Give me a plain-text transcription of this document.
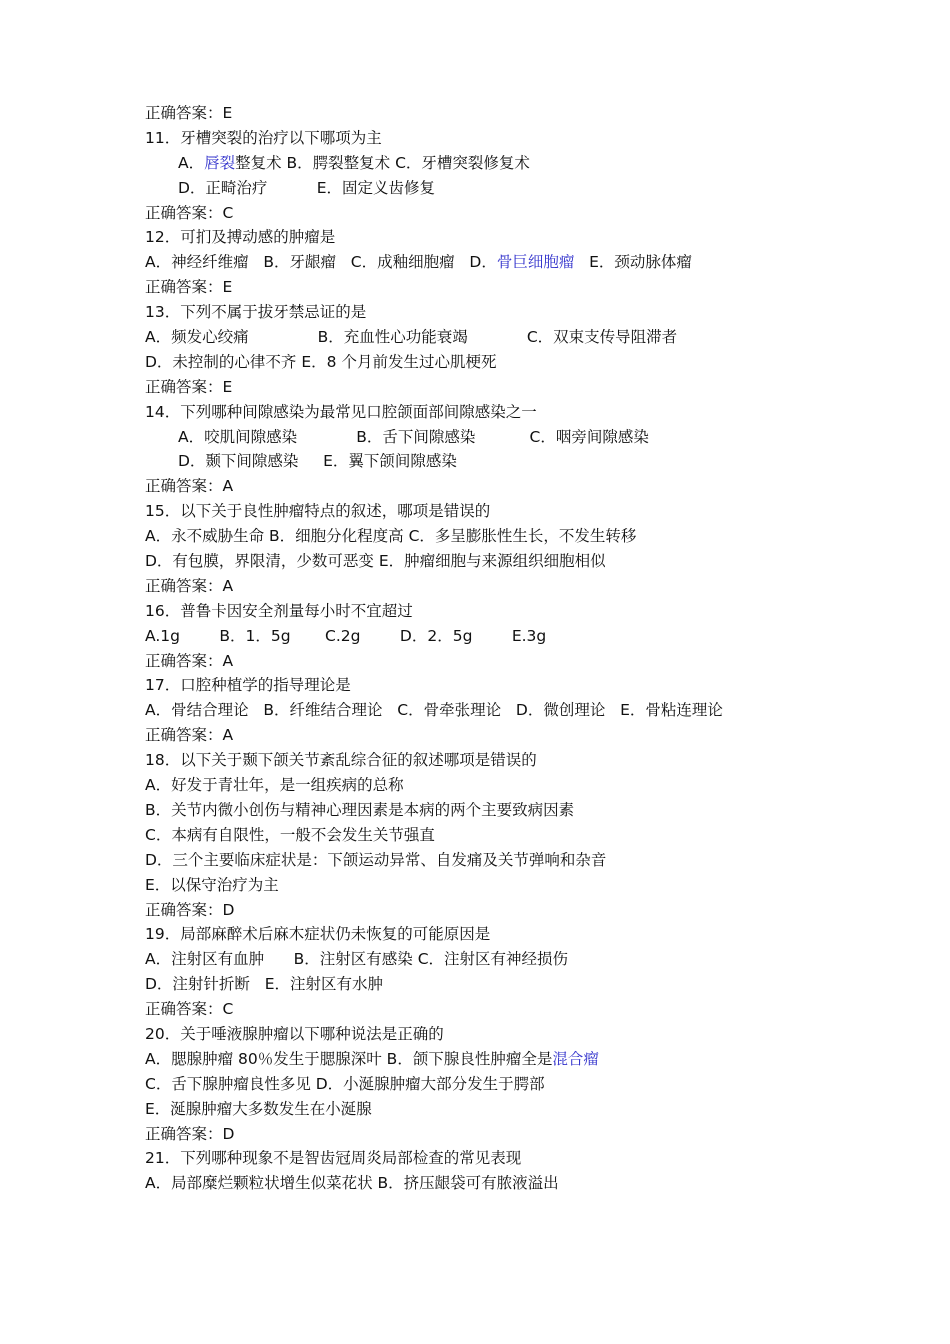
正确答案：E
11．牙槽突裂的治疗以下哪项为主
A．唇裂整复术 B．腭裂整复术 C．牙槽突裂修复术
D．正畸治疗          E．固定义齿修复
正确答案：C
12．可扪及搏动感的肿瘤是
A．神经纤维瘤   B．牙龈瘤   C．成釉细胞瘤   D．骨巨细胞瘤   E．颈动脉体瘤
正确答案：E
13．下列不属于拔牙禁忌证的是
A．频发心绞痛              B．充血性心功能衰竭            C．双束支传导阻滞者
D．未控制的心律不齐 E．8 个月前发生过心肌梗死
正确答案：E
14．下列哪种间隙感染为最常见口腔颌面部间隙感染之一
A．咬肌间隙感染            B．舌下间隙感染           C．咽旁间隙感染
D．颞下间隙感染     E．翼下颌间隙感染
正确答案：A
15．以下关于良性肿瘤特点的叙述，哪项是错误的
A．永不威胁生命 B．细胞分化程度高 C．多呈膨胀性生长，不发生转移
D．有包膜，界限清，少数可恶变 E．肿瘤细胞与来源组织细胞相似
正确答案：A
16．普鲁卡因安全剂量每小时不宜超过
A.1g        B．1．5g       C.2g        D．2．5g        E.3g
正确答案：A
17．口腔种植学的指导理论是
A．骨结合理论   B．纤维结合理论   C．骨牵张理论   D．微创理论   E．骨粘连理论
正确答案：A
18．以下关于颞下颌关节紊乱综合征的叙述哪项是错误的
A．好发于青壮年，是一组疾病的总称
B．关节内微小创伤与精神心理因素是本病的两个主要致病因素
C．本病有自限性，一般不会发生关节强直
D．三个主要临床症状是：下颌运动异常、自发痛及关节弹响和杂音
E．以保守治疗为主
正确答案：D
19．局部麻醉术后麻木症状仍未恢复的可能原因是
A．注射区有血肿      B．注射区有感染 C．注射区有神经损伤
D．注射针折断   E．注射区有水肿
正确答案：C
20．关于唾液腺肿瘤以下哪种说法是正确的
A．腮腺肿瘤 80％发生于腮腺深叶 B．颌下腺良性肿瘤全是混合瘤
C．舌下腺肿瘤良性多见 D．小涎腺肿瘤大部分发生于腭部
E．涎腺肿瘤大多数发生在小涎腺
正确答案：D
21．下列哪种现象不是智齿冠周炎局部检查的常见表现
A．局部糜烂颗粒状增生似菜花状 B．挤压龈袋可有脓液溢出
